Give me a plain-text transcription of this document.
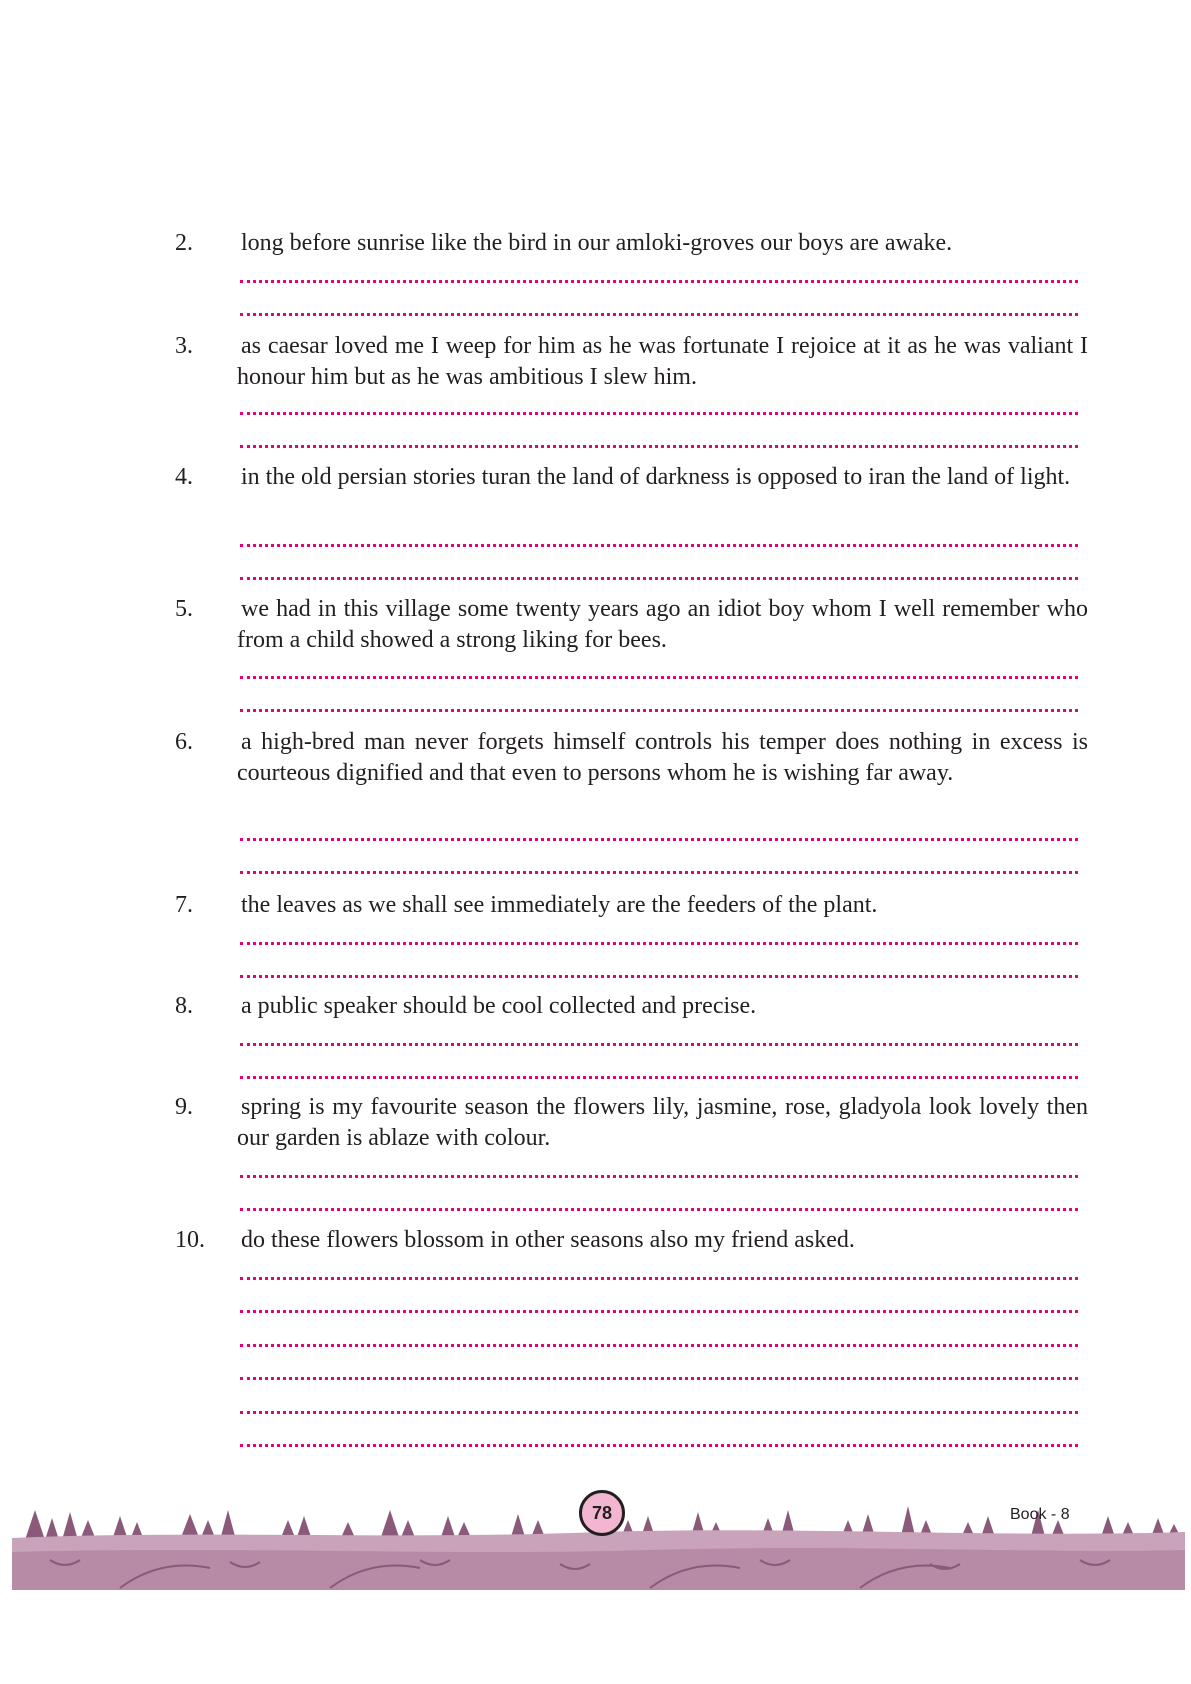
2. long before sunrise like the bird in our amloki-groves our boys are awake.
3. as caesar loved me I weep for him as he was fortunate I rejoice at it as he was valiant I honour him but as he was ambitious I slew him.
4. in the old persian stories turan the land of darkness is opposed to iran the land of light.
5. we had in this village some twenty years ago an idiot boy whom I well remember who from a child showed a strong liking for bees.
6. a high-bred man never forgets himself controls his temper does nothing in excess is courteous dignified and that even to persons whom he is wishing far away.
7. the leaves as we shall see immediately are the feeders of the plant.
8. a public speaker should be cool collected and precise.
9. spring is my favourite season the flowers lily, jasmine, rose, gladyola look lovely then our garden is ablaze with colour.
10. do these flowers blossom in other seasons also my friend asked.
78	Book - 8
